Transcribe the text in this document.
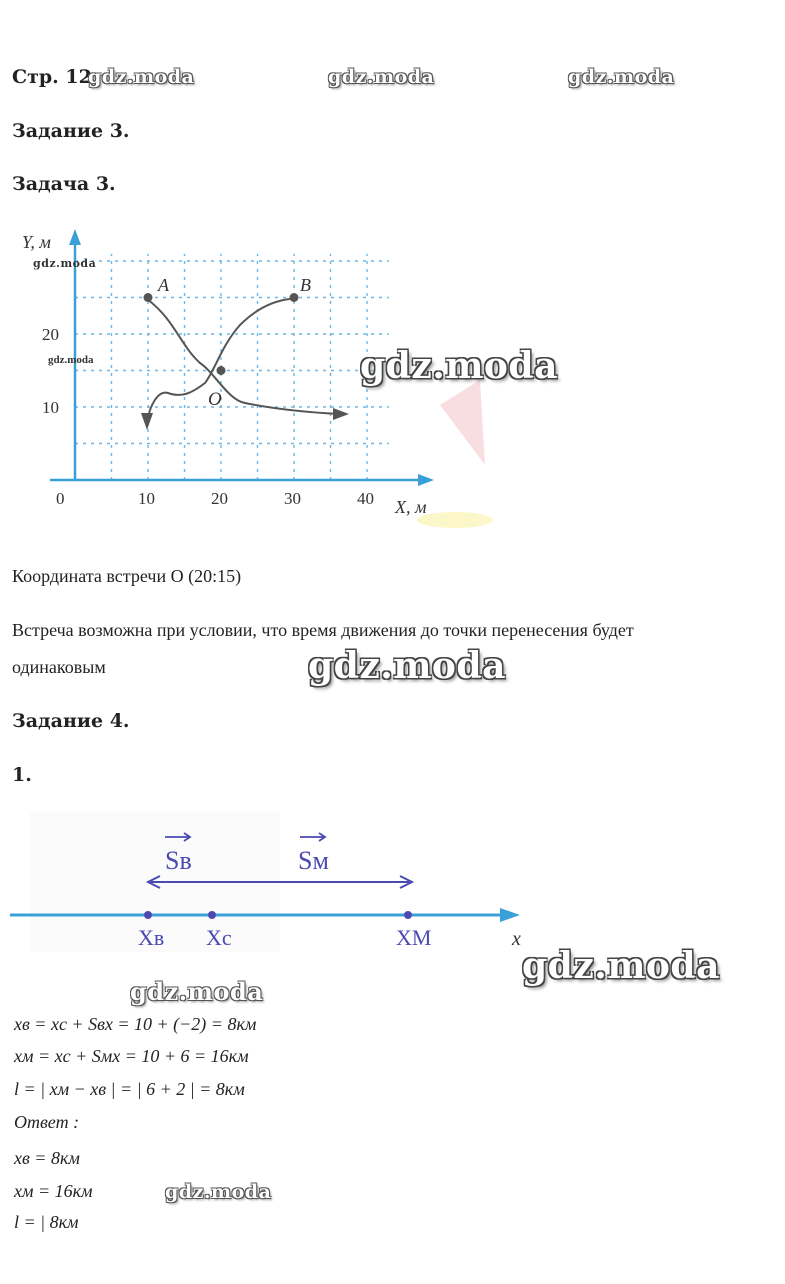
Стр. 12.
gdz.moda	gdz.moda	gdz.moda
Задание 3.
Задача 3.
10	20	30	40
10
20
Y, м
X, м
0
A	B
O
gdz.moda
gdz.moda	gdz.moda
Координата встречи О (20:15)
Встреча возможна при условии, что время движения до точки перенесения будет
одинаковым	gdz.moda
Задание 4.
1.
Sв	Sм
Xв Xс	XМ	x
gdz.moda
gdz.moda
xв = xс + Sвх = 10 + (−2) = 8км
xм = xс + Sмх = 10 + 6 = 16км
l = | xм − xв | = | 6 + 2 | = 8км
Ответ :
xв = 8км
xм = 16км	gdz.moda
l = | 8км
